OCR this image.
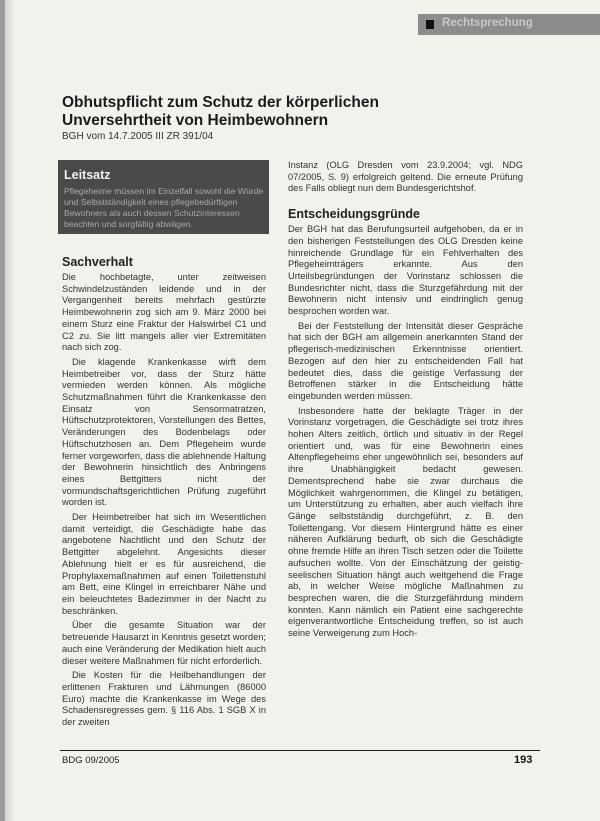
Rechtsprechung
Obhutspflicht zum Schutz der körperlichen Unversehrtheit von Heimbewohnern
BGH vom 14.7.2005 III ZR 391/04
Leitsatz
Pflegeheime müssen im Einzelfall sowohl die Würde und Selbstständigkeit eines pflegebedürftigen Bewohners als auch dessen Schutzinteressen beachten und sorgfältig abwägen.
Sachverhalt

Die hochbetagte, unter zeitweisen Schwindelzuständen leidende und in der Vergangenheit bereits mehrfach gestürzte Heimbewohnerin zog sich am 9. März 2000 bei einem Sturz eine Fraktur der Halswirbel C1 und C2 zu. Sie litt mangels aller vier Extremitäten nach sich zog.

Die klagende Krankenkasse wirft dem Heimbetreiber vor, dass der Sturz hätte vermieden werden können. Als mögliche Schutzmaßnahmen führt die Krankenkasse den Einsatz von Sensormatratzen, Hüftschutzprotektoren, Vorstellungen des Bettes, Veränderungen des Bodenbelags oder Hüftschutzhosen an. Dem Pflegeheim wurde ferner vorgeworfen, dass die ablehnende Haltung der Bewohnerin hinsichtlich des Anbringens eines Bettgitters nicht der vormundschaftsgerichtlichen Prüfung zugeführt worden ist.

Der Heimbetreiber hat sich im Wesentlichen damit verteidigt, die Geschädigte habe das angebotene Nachtlicht und den Schutz der Bettgitter abgelehnt. Angesichts dieser Ablehnung hielt er es für ausreichend, die Prophylaxemaßnahmen auf einen Toilettenstuhl am Bett, eine Klingel in erreichbarer Nähe und ein beleuchtetes Badezimmer in der Nacht zu beschränken.

Über die gesamte Situation war der betreuende Hausarzt in Kenntnis gesetzt worden; auch eine Veränderung der Medikation hielt auch dieser weitere Maßnahmen für nicht erforderlich.

Die Kosten für die Heilbehandlungen der erlittenen Frakturen und Lähmungen (86000 Euro) machte die Krankenkasse im Wege des Schadensregresses gem. § 116 Abs. 1 SGB X in der zweiten

Instanz (OLG Dresden vom 23.9.2004; vgl. NDG 07/2005, S. 9) erfolgreich geltend. Die erneute Prüfung des Falls obliegt nun dem Bundesgerichtshof.

Entscheidungsgründe

Der BGH hat das Berufungsurteil aufgehoben, da er in den bisherigen Feststellungen des OLG Dresden keine hinreichende Grundlage für ein Fehlverhalten des Pflegeheimträgers erkannte. Aus den Urteilsbegründungen der Vorinstanz schlossen die Bundesrichter nicht, dass die Sturzgefährdung mit der Bewohnerin nicht intensiv und eindringlich genug besprochen worden war.

Bei der Feststellung der Intensität dieser Gespräche hat sich der BGH am allgemein anerkannten Stand der pflegerisch-medizinischen Erkenntnisse orientiert. Bezogen auf den hier zu entscheidenden Fall hat bedeutet dies, dass die geistige Verfassung der Betroffenen stärker in die Entscheidung hätte eingebunden werden müssen.

Insbesondere hatte der beklagte Träger in der Vorinstanz vorgetragen, die Geschädigte sei trotz ihres hohen Alters zeitlich, örtlich und situativ in der Regel orientiert und, was für eine Bewohnerin eines Altenpflegeheims eher ungewöhnlich sei, besonders auf ihre Unabhängigkeit bedacht gewesen. Dementsprechend habe sie zwar durchaus die Möglichkeit wahrgenommen, die Klingel zu betätigen, um Unterstützung zu erhalten, aber auch vielfach ihre Gänge selbstständig durchgeführt, z. B. den Toilettengang. Vor diesem Hintergrund hätte es einer näheren Aufklärung bedurft, ob sich die Geschädigte ohne fremde Hilfe an ihren Tisch setzen oder die Toilette aufsuchen wollte. Von der Einschätzung der geistig-seelischen Situation hängt auch weitgehend die Frage ab, in welcher Weise mögliche Maßnahmen zu besprechen waren, die die Sturzgefährdung mindern konnten. Kann nämlich ein Patient eine sachgerechte eigenverantwortliche Entscheidung treffen, so ist auch seine Verweigerung zum Hoch-

BDG 09/2005	193
